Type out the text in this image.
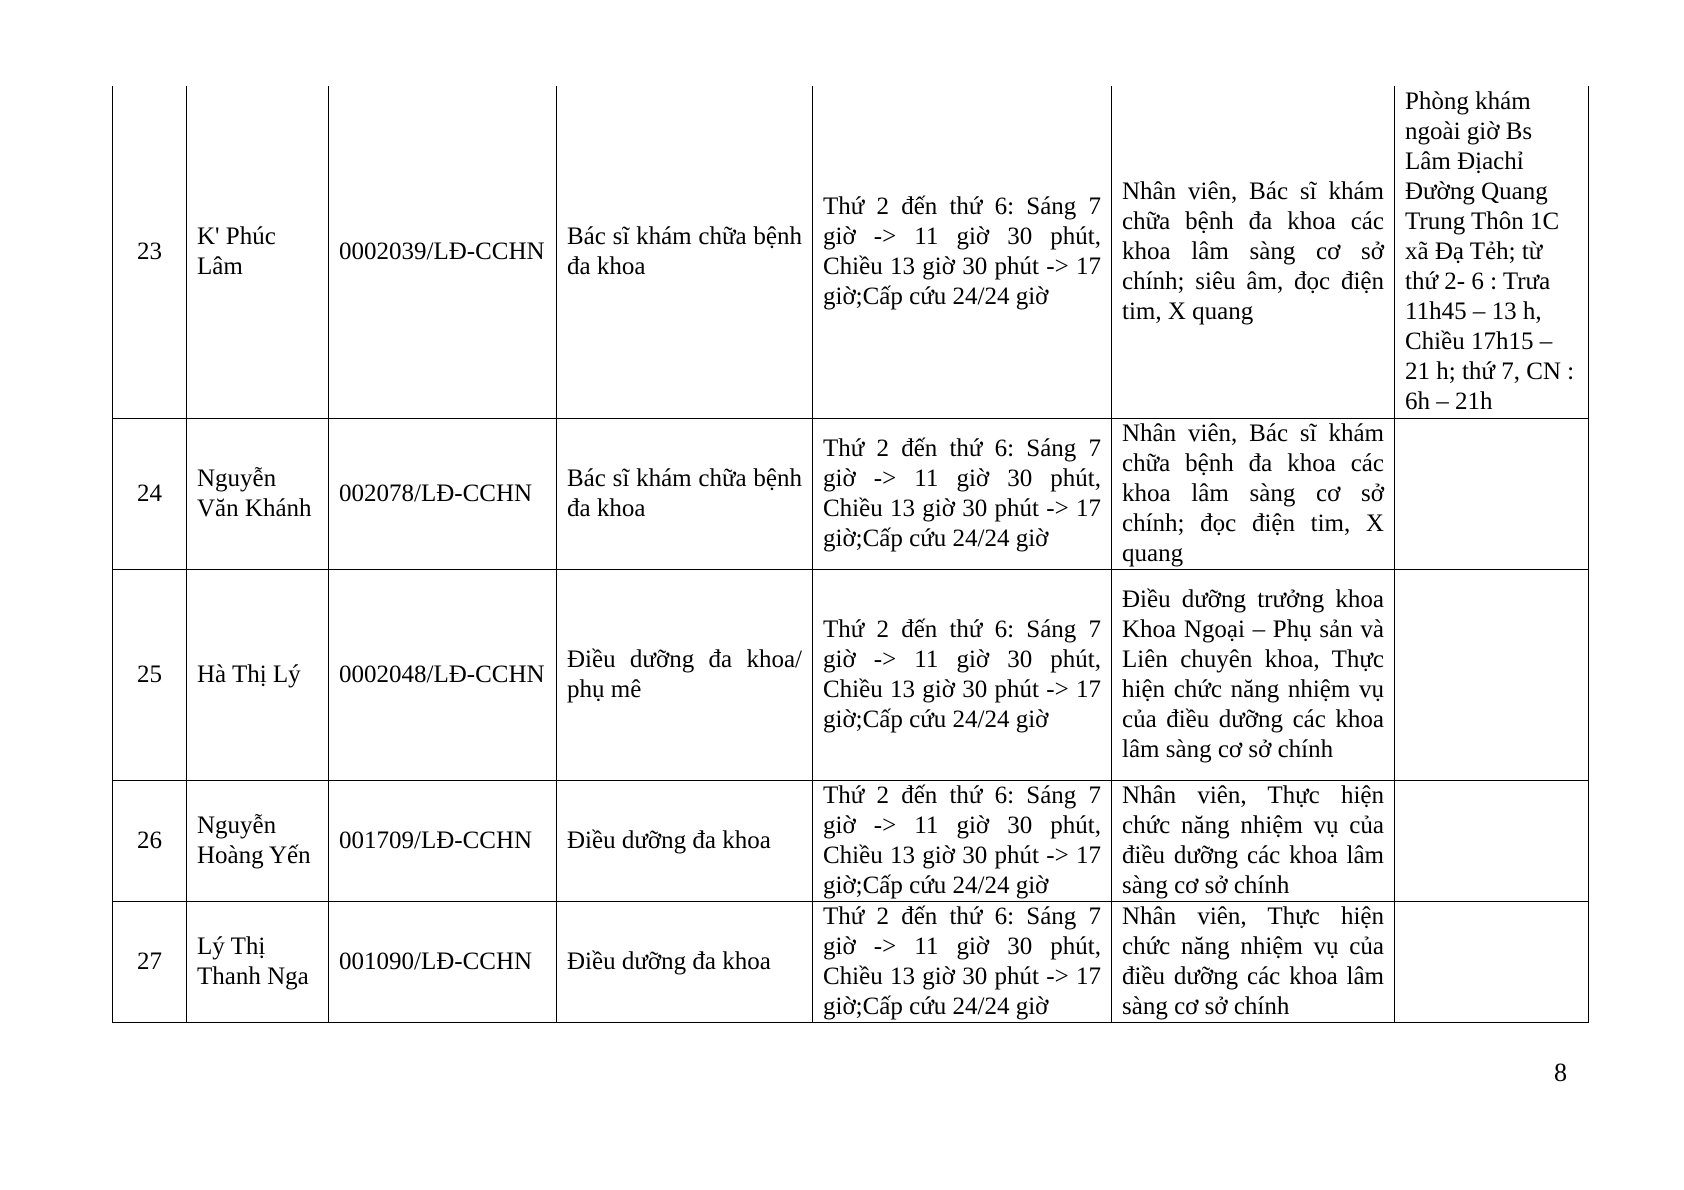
23	K' Phúc Lâm	0002039/LĐ-CCHN	Bác sĩ khám chữa bệnh đa khoa	Thứ 2 đến thứ 6: Sáng 7 giờ -> 11 giờ 30 phút, Chiều 13 giờ 30 phút -> 17 giờ;Cấp cứu 24/24 giờ	Nhân viên, Bác sĩ khám chữa bệnh đa khoa các khoa lâm sàng cơ sở chính; siêu âm, đọc điện tim, X quang	Phòng khám ngoài giờ Bs Lâm Địachỉ Đường Quang Trung Thôn 1C xã Đạ Tẻh; từ thứ 2- 6 : Trưa 11h45 – 13 h, Chiều 17h15 – 21 h; thứ 7, CN : 6h – 21h
24	Nguyễn Văn Khánh	002078/LĐ-CCHN	Bác sĩ khám chữa bệnh đa khoa	Thứ 2 đến thứ 6: Sáng 7 giờ -> 11 giờ 30 phút, Chiều 13 giờ 30 phút -> 17 giờ;Cấp cứu 24/24 giờ	Nhân viên, Bác sĩ khám chữa bệnh đa khoa các khoa lâm sàng cơ sở chính; đọc điện tim, X quang	
25	Hà Thị Lý	0002048/LĐ-CCHN	Điều dưỡng đa khoa/ phụ mê	Thứ 2 đến thứ 6: Sáng 7 giờ -> 11 giờ 30 phút, Chiều 13 giờ 30 phút -> 17 giờ;Cấp cứu 24/24 giờ	Điều dưỡng trưởng khoa Khoa Ngoại – Phụ sản và Liên chuyên khoa, Thực hiện chức năng nhiệm vụ của điều dưỡng các khoa lâm sàng cơ sở chính	
26	Nguyễn Hoàng Yến	001709/LĐ-CCHN	Điều dưỡng đa khoa	Thứ 2 đến thứ 6: Sáng 7 giờ -> 11 giờ 30 phút, Chiều 13 giờ 30 phút -> 17 giờ;Cấp cứu 24/24 giờ	Nhân viên, Thực hiện chức năng nhiệm vụ của điều dưỡng các khoa lâm sàng cơ sở chính	
27	Lý Thị Thanh Nga	001090/LĐ-CCHN	Điều dưỡng đa khoa	Thứ 2 đến thứ 6: Sáng 7 giờ -> 11 giờ 30 phút, Chiều 13 giờ 30 phút -> 17 giờ;Cấp cứu 24/24 giờ	Nhân viên, Thực hiện chức năng nhiệm vụ của điều dưỡng các khoa lâm sàng cơ sở chính	
8
